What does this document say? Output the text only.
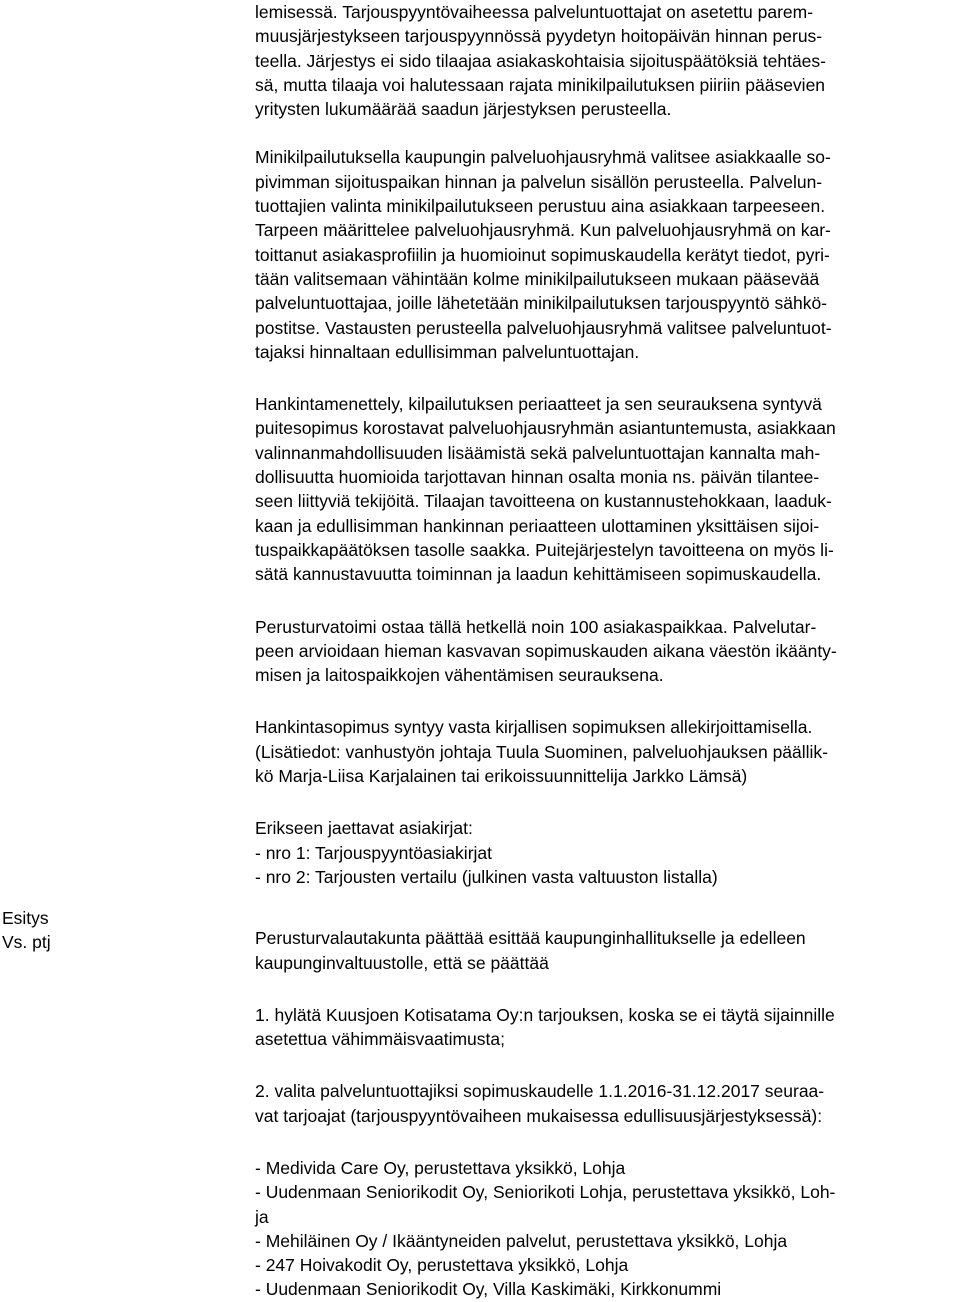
Esitys
Vs. ptj
lemisessä. Tarjouspyyntövaiheessa palveluntuottajat on asetettu parem-
muusjärjestykseen tarjouspyynnössä pyydetyn hoitopäivän hinnan perus-
teella. Järjestys ei sido tilaajaa asiakaskohtaisia sijoituspäätöksiä tehtäes-
sä, mutta tilaaja voi halutessaan rajata minikilpailutuksen piiriin pääsevien
yritysten lukumäärää saadun järjestyksen perusteella.
Minikilpailutuksella kaupungin palveluohjausryhmä valitsee asiakkaalle so-
pivimman sijoituspaikan hinnan ja palvelun sisällön perusteella. Palvelun-
tuottajien valinta minikilpailutukseen perustuu aina asiakkaan tarpeeseen.
Tarpeen määrittelee palveluohjausryhmä. Kun palveluohjausryhmä on kar-
toittanut asiakasprofiilin ja huomioinut sopimuskaudella kerätyt tiedot, pyri-
tään valitsemaan vähintään kolme minikilpailutukseen mukaan pääsevää
palveluntuottajaa, joille lähetetään minikilpailutuksen tarjouspyyntö sähkö-
postitse. Vastausten perusteella palveluohjausryhmä valitsee palveluntuot-
tajaksi hinnaltaan edullisimman palveluntuottajan.
Hankintamenettely, kilpailutuksen periaatteet ja sen seurauksena syntyvä
puitesopimus korostavat palveluohjausryhmän asiantuntemusta, asiakkaan
valinnanmahdollisuuden lisäämistä sekä palveluntuottajan kannalta mah-
dollisuutta huomioida tarjottavan hinnan osalta monia ns. päivän tilantee-
seen liittyviä tekijöitä. Tilaajan tavoitteena on kustannustehokkaan, laaduk-
kaan ja edullisimman hankinnan periaatteen ulottaminen yksittäisen sijoi-
tuspaikkapäätöksen tasolle saakka. Puitejärjestelyn tavoitteena on myös li-
sätä kannustavuutta toiminnan ja laadun kehittämiseen sopimuskaudella.
Perusturvatoimi ostaa tällä hetkellä noin 100 asiakaspaikkaa. Palvelutar-
peen arvioidaan hieman kasvavan sopimuskauden aikana väestön ikäänty-
misen ja laitospaikkojen vähentämisen seurauksena.
Hankintasopimus syntyy vasta kirjallisen sopimuksen allekirjoittamisella.
(Lisätiedot: vanhustyön johtaja Tuula Suominen, palveluohjauksen päällik-
kö Marja-Liisa Karjalainen tai erikoissuunnittelija Jarkko Lämsä)
Erikseen jaettavat asiakirjat:
- nro 1: Tarjouspyyntöasiakirjat
- nro 2: Tarjousten vertailu (julkinen vasta valtuuston listalla)
Perusturvalautakunta päättää esittää kaupunginhallitukselle ja edelleen
kaupunginvaltuustolle, että se päättää
1. hylätä Kuusjoen Kotisatama Oy:n tarjouksen, koska se ei täytä sijainnille
asetettua vähimmäisvaatimusta;
2. valita palveluntuottajiksi sopimuskaudelle 1.1.2016-31.12.2017 seuraa-
vat tarjoajat (tarjouspyyntövaiheen mukaisessa edullisuusjärjestyksessä):
- Medivida Care Oy, perustettava yksikkö, Lohja
- Uudenmaan Seniorikodit Oy, Seniorikoti Lohja, perustettava yksikkö, Loh-
ja
- Mehiläinen Oy / Ikääntyneiden palvelut, perustettava yksikkö, Lohja
- 247 Hoivakodit Oy, perustettava yksikkö, Lohja
- Uudenmaan Seniorikodit Oy, Villa Kaskimäki, Kirkkonummi
